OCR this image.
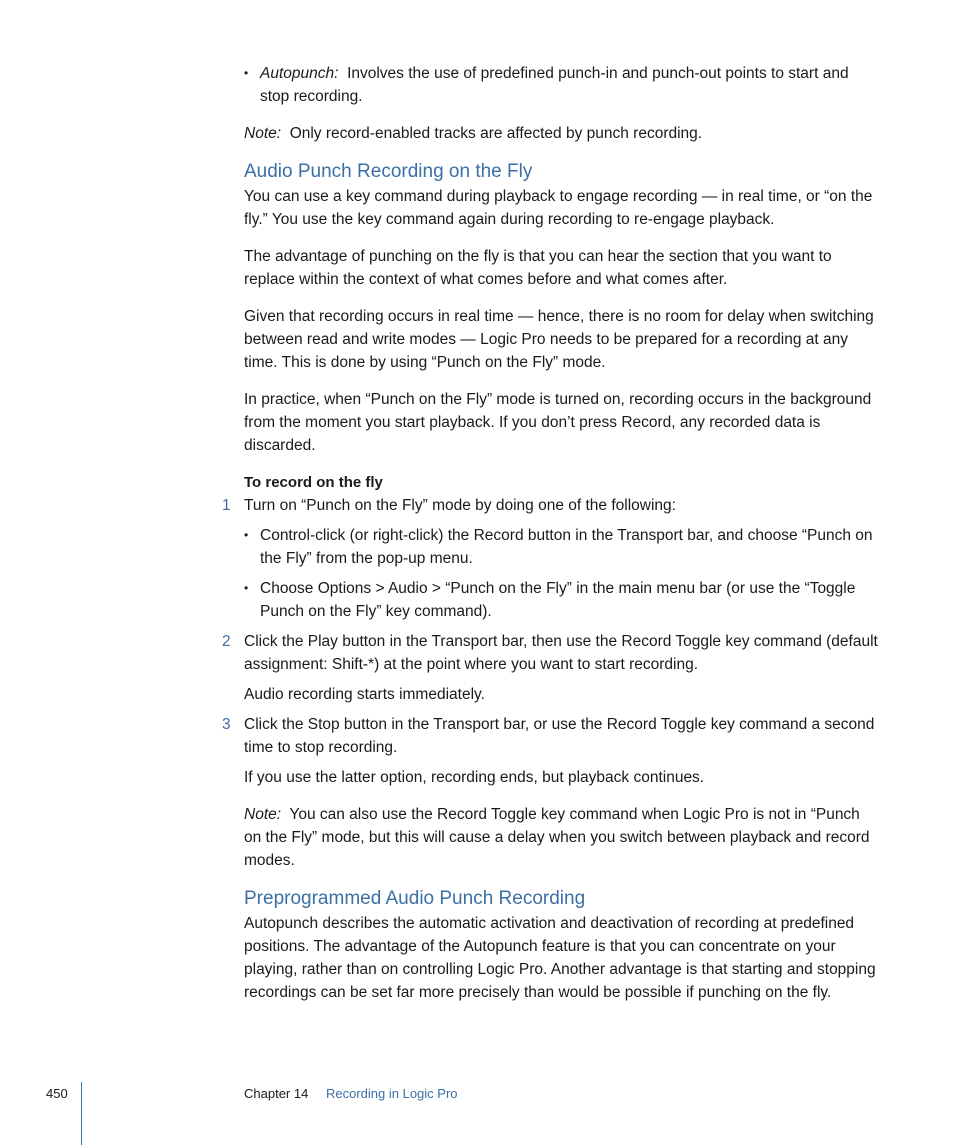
• Autopunch: Involves the use of predefined punch-in and punch-out points to start and stop recording.

Note: Only record-enabled tracks are affected by punch recording.

Audio Punch Recording on the Fly

You can use a key command during playback to engage recording — in real time, or “on the fly.” You use the key command again during recording to re-engage playback.

The advantage of punching on the fly is that you can hear the section that you want to replace within the context of what comes before and what comes after.

Given that recording occurs in real time — hence, there is no room for delay when switching between read and write modes — Logic Pro needs to be prepared for a recording at any time. This is done by using “Punch on the Fly” mode.

In practice, when “Punch on the Fly” mode is turned on, recording occurs in the background from the moment you start playback. If you don’t press Record, any recorded data is discarded.

To record on the fly

1 Turn on “Punch on the Fly” mode by doing one of the following:

• Control-click (or right-click) the Record button in the Transport bar, and choose “Punch on the Fly” from the pop-up menu.

• Choose Options > Audio > “Punch on the Fly” in the main menu bar (or use the “Toggle Punch on the Fly” key command).

2 Click the Play button in the Transport bar, then use the Record Toggle key command (default assignment: Shift-*) at the point where you want to start recording.

Audio recording starts immediately.

3 Click the Stop button in the Transport bar, or use the Record Toggle key command a second time to stop recording.

If you use the latter option, recording ends, but playback continues.

Note: You can also use the Record Toggle key command when Logic Pro is not in “Punch on the Fly” mode, but this will cause a delay when you switch between playback and record modes.

Preprogrammed Audio Punch Recording

Autopunch describes the automatic activation and deactivation of recording at predefined positions. The advantage of the Autopunch feature is that you can concentrate on your playing, rather than on controlling Logic Pro. Another advantage is that starting and stopping recordings can be set far more precisely than would be possible if punching on the fly.

450	Chapter 14 Recording in Logic Pro
